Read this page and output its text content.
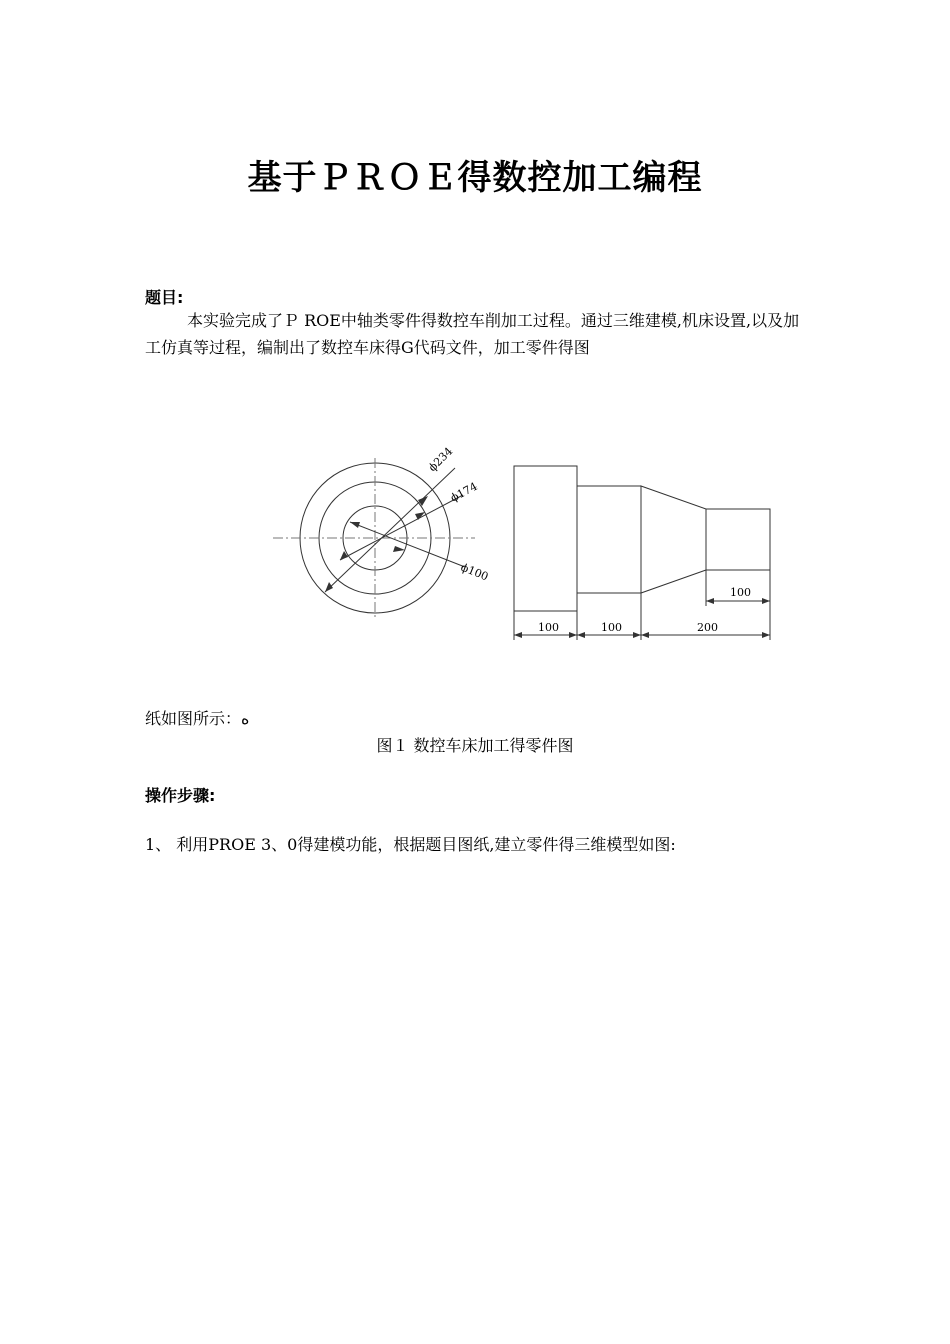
基于ＰＲＯＥ得数控加工编程
题目:
本实验完成了Ｐ ROE中轴类零件得数控车削加工过程。通过三维建模,机床设置,以及加工仿真等过程，编制出了数控车床得G代码文件，加工零件得图
ϕ234
ϕ174
ϕ100
100
100	100	200
纸如图所示：ه
图１ 数控车床加工得零件图
操作步骤:
1、 利用PROE 3、0得建模功能，根据题目图纸,建立零件得三维模型如图:
